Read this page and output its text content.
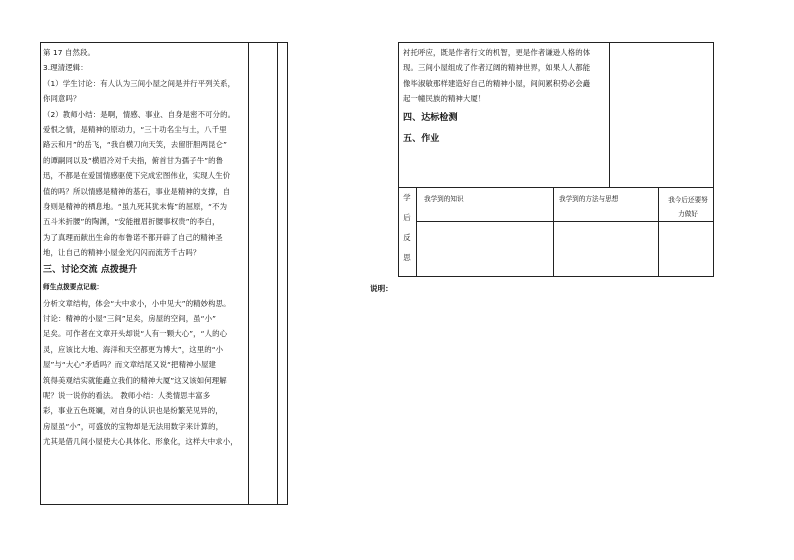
第 17 自然段。
3.理清逻辑：
（1）学生讨论：有人认为三间小屋之间是并行平列关系，
你同意吗？
（2）教师小结：是啊，情感、事业、自身是密不可分的。
爱恨之情，是精神的原动力，“三十功名尘与土，八千里
路云和月”的岳飞，“我自横刀向天笑，去留肝胆两昆仑”
的谭嗣同以及“横眉冷对千夫指，俯首甘为孺子牛”的鲁
迅，不都是在爱国情感驱使下完成宏图伟业，实现人生价
值的吗？所以情感是精神的基石，事业是精神的支撑，自
身则是精神的栖息地。“虽九死其犹未悔”的屈原，“不为
五斗米折腰”的陶渊，“安能摧眉折腰事权贵”的李白，
为了真理而献出生命的布鲁诺不都开辟了自己的精神圣
地，让自己的精神小屋金光闪闪而流芳千古吗？
三、讨论交流 点拨提升
师生点拨要点记载：
分析文章结构，体会“大中求小，小中见大”的精妙构思。
讨论：精神的小屋“三间”足矣，房屋的空间，虽“小”
足矣。可作者在文章开头却说“人有一颗大心”，“人的心
灵，应该比大地、海洋和天空都更为博大”，这里的“小
屋”与“大心”矛盾吗？而文章结尾又说“把精神小屋建
筑得美观结实就能矗立我们的精神大厦”这又该如何理解
呢？说一说你的看法。 教师小结：人类情思丰富多
彩，事业五色斑斓，对自身的认识也是纷繁芜见异的，
房屋虽“小”，可盛放的宝物却是无法用数字来计算的，
尤其是借几间小屋使大心具体化、形象化，这样大中求小，
衬托呼应，既是作者行文的机智，更是作者谦逊人格的体
现。三间小屋组成了作者辽阔的精神世界，如果人人都能
像毕淑敏那样建造好自己的精神小屋，间间累积势必会矗
起一幢民族的精神大厦！
四、达标检测
五、作业
学
后
反
思
我学到的知识	我学到的方法与思想	我今后还要努
力做好
说明：
